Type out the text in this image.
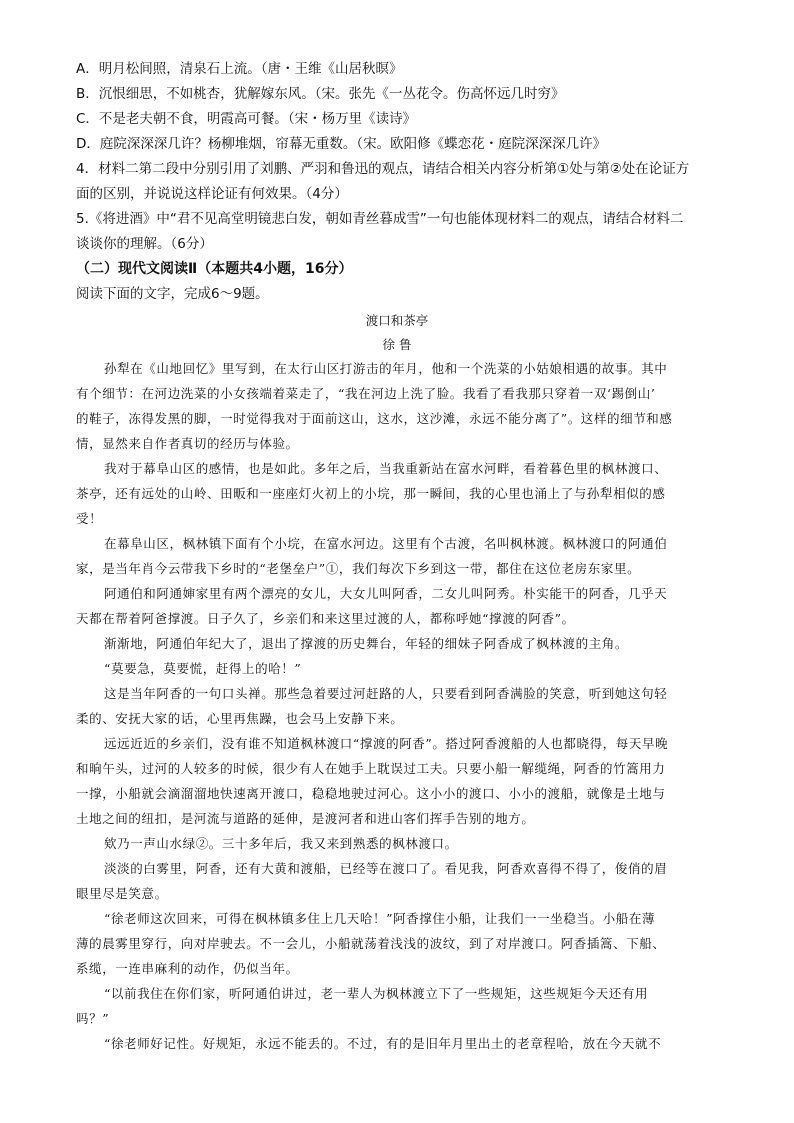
A．明月松间照，清泉石上流。（唐・王维《山居秋暝》
B．沉恨细思，不如桃杏，犹解嫁东风。（宋。张先《一丛花令。伤高怀远几时穷》
C．不是老夫朝不食，明霞高可餐。（宋・杨万里《读诗》
D．庭院深深深几许？杨柳堆烟，帘幕无重数。（宋。欧阳修《蝶恋花・庭院深深深几许》
4．材料二第二段中分别引用了刘鹏、严羽和鲁迅的观点，请结合相关内容分析第①处与第②处在论证方
面的区别，并说说这样论证有何效果。（4分）
5.《将进酒》中“君不见高堂明镜悲白发，朝如青丝暮成雪”一句也能体现材料二的观点，请结合材料二
谈谈你的理解。（6分）
（二）现代文阅读Ⅱ（本题共4小题，16分）
阅读下面的文字，完成6～9题。
渡口和茶亭
徐 鲁
孙犁在《山地回忆》里写到，在太行山区打游击的年月，他和一个洗菜的小姑娘相遇的故事。其中
有个细节：在河边洗菜的小女孩端着菜走了，“我在河边上洗了脸。我看了看我那只穿着一双‘踢倒山’
的鞋子，冻得发黑的脚，一时觉得我对于面前这山，这水，这沙滩，永远不能分离了”。这样的细节和感
情，显然来自作者真切的经历与体验。
我对于幕阜山区的感情，也是如此。多年之后，当我重新站在富水河畔，看着暮色里的枫林渡口、
茶亭，还有远处的山岭、田畈和一座座灯火初上的小垸，那一瞬间，我的心里也涌上了与孙犁相似的感
受！
在幕阜山区，枫林镇下面有个小垸，在富水河边。这里有个古渡，名叫枫林渡。枫林渡口的阿通伯
家，是当年肖今云带我下乡时的“老堡垒户”①，我们每次下乡到这一带，都住在这位老房东家里。
阿通伯和阿通婶家里有两个漂亮的女儿，大女儿叫阿香，二女儿叫阿秀。朴实能干的阿香，几乎天
天都在帮着阿爸撑渡。日子久了，乡亲们和来这里过渡的人，都称呼她“撑渡的阿香”。
渐渐地，阿通伯年纪大了，退出了撑渡的历史舞台，年轻的细妹子阿香成了枫林渡的主角。
“莫要急，莫要慌，赶得上的哈！”
这是当年阿香的一句口头禅。那些急着要过河赶路的人，只要看到阿香满脸的笑意，听到她这句轻
柔的、安抚大家的话，心里再焦躁，也会马上安静下来。
远远近近的乡亲们，没有谁不知道枫林渡口“撑渡的阿香”。搭过阿香渡船的人也都晓得，每天早晚
和晌午头，过河的人较多的时候，很少有人在她手上耽误过工夫。只要小船一解缆绳，阿香的竹篙用力
一撑，小船就会滴溜溜地快速离开渡口，稳稳地驶过河心。这小小的渡口、小小的渡船，就像是土地与
土地之间的纽扣，是河流与道路的延伸，是渡河者和进山客们挥手告别的地方。
欸乃一声山水绿②。三十多年后，我又来到熟悉的枫林渡口。
淡淡的白雾里，阿香，还有大黄和渡船，已经等在渡口了。看见我，阿香欢喜得不得了，俊俏的眉
眼里尽是笑意。
“徐老师这次回来，可得在枫林镇多住上几天哈！”阿香撑住小船，让我们一一坐稳当。小船在薄
薄的晨雾里穿行，向对岸驶去。不一会儿，小船就荡着浅浅的波纹，到了对岸渡口。阿香插篙、下船、
系缆，一连串麻利的动作，仍似当年。
“以前我住在你们家，听阿通伯讲过，老一辈人为枫林渡立下了一些规矩，这些规矩今天还有用
吗？”
“徐老师好记性。好规矩，永远不能丢的。不过，有的是旧年月里出土的老章程哈，放在今天就不
